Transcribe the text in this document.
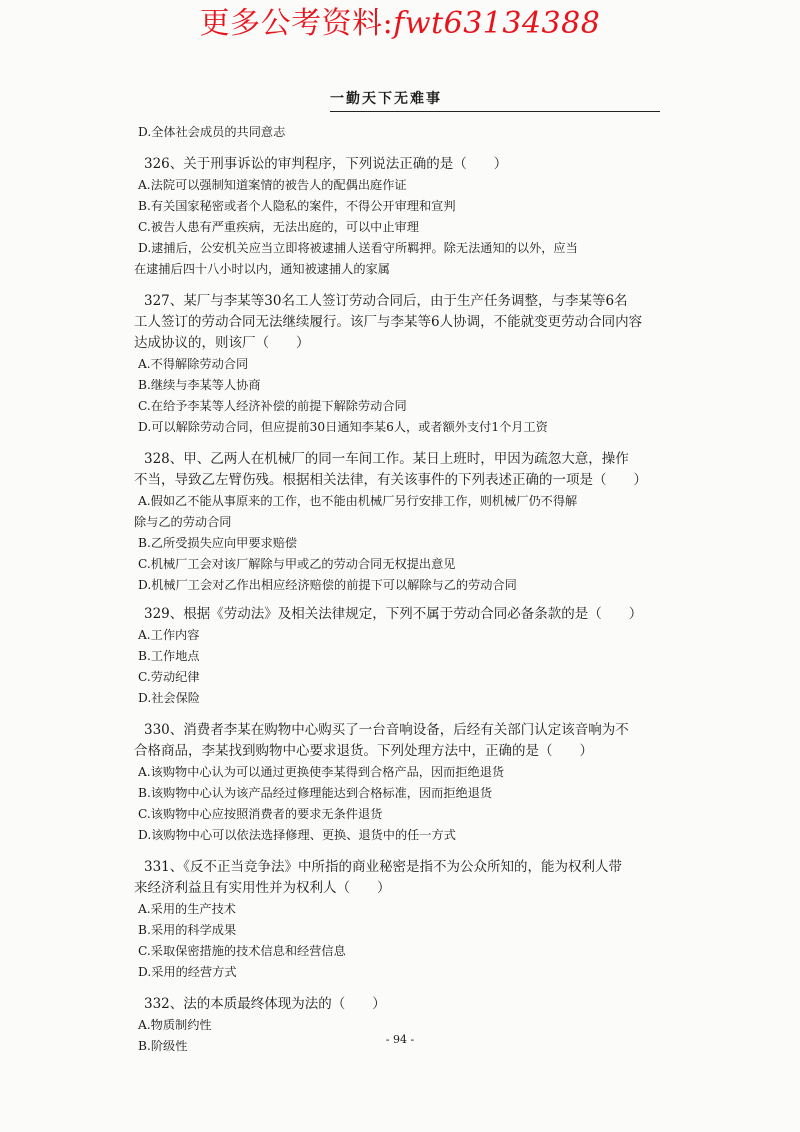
更多公考资料:fwt63134388
一勤天下无难事
D.全体社会成员的共同意志
326、关于刑事诉讼的审判程序，下列说法正确的是（　　）
A.法院可以强制知道案情的被告人的配偶出庭作证
B.有关国家秘密或者个人隐私的案件，不得公开审理和宣判
C.被告人患有严重疾病，无法出庭的，可以中止审理
D.逮捕后，公安机关应当立即将被逮捕人送看守所羁押。除无法通知的以外，应当
在逮捕后四十八小时以内，通知被逮捕人的家属
327、某厂与李某等30名工人签订劳动合同后，由于生产任务调整，与李某等6名
工人签订的劳动合同无法继续履行。该厂与李某等6人协调，不能就变更劳动合同内容
达成协议的，则该厂（　　）
A.不得解除劳动合同
B.继续与李某等人协商
C.在给予李某等人经济补偿的前提下解除劳动合同
D.可以解除劳动合同，但应提前30日通知李某6人，或者额外支付1个月工资
328、甲、乙两人在机械厂的同一车间工作。某日上班时，甲因为疏忽大意，操作
不当，导致乙左臂伤残。根据相关法律，有关该事件的下列表述正确的一项是（　　）
A.假如乙不能从事原来的工作，也不能由机械厂另行安排工作，则机械厂仍不得解
除与乙的劳动合同
B.乙所受损失应向甲要求赔偿
C.机械厂工会对该厂解除与甲或乙的劳动合同无权提出意见
D.机械厂工会对乙作出相应经济赔偿的前提下可以解除与乙的劳动合同
329、根据《劳动法》及相关法律规定，下列不属于劳动合同必备条款的是（　　）
A.工作内容
B.工作地点
C.劳动纪律
D.社会保险
330、消费者李某在购物中心购买了一台音响设备，后经有关部门认定该音响为不
合格商品，李某找到购物中心要求退货。下列处理方法中，正确的是（　　）
A.该购物中心认为可以通过更换使李某得到合格产品，因而拒绝退货
B.该购物中心认为该产品经过修理能达到合格标准，因而拒绝退货
C.该购物中心应按照消费者的要求无条件退货
D.该购物中心可以依法选择修理、更换、退货中的任一方式
331、《反不正当竞争法》中所指的商业秘密是指不为公众所知的，能为权利人带
来经济利益且有实用性并为权利人（　　）
A.采用的生产技术
B.采用的科学成果
C.采取保密措施的技术信息和经营信息
D.采用的经营方式
332、法的本质最终体现为法的（　　）
A.物质制约性
B.阶级性	- 94 -
